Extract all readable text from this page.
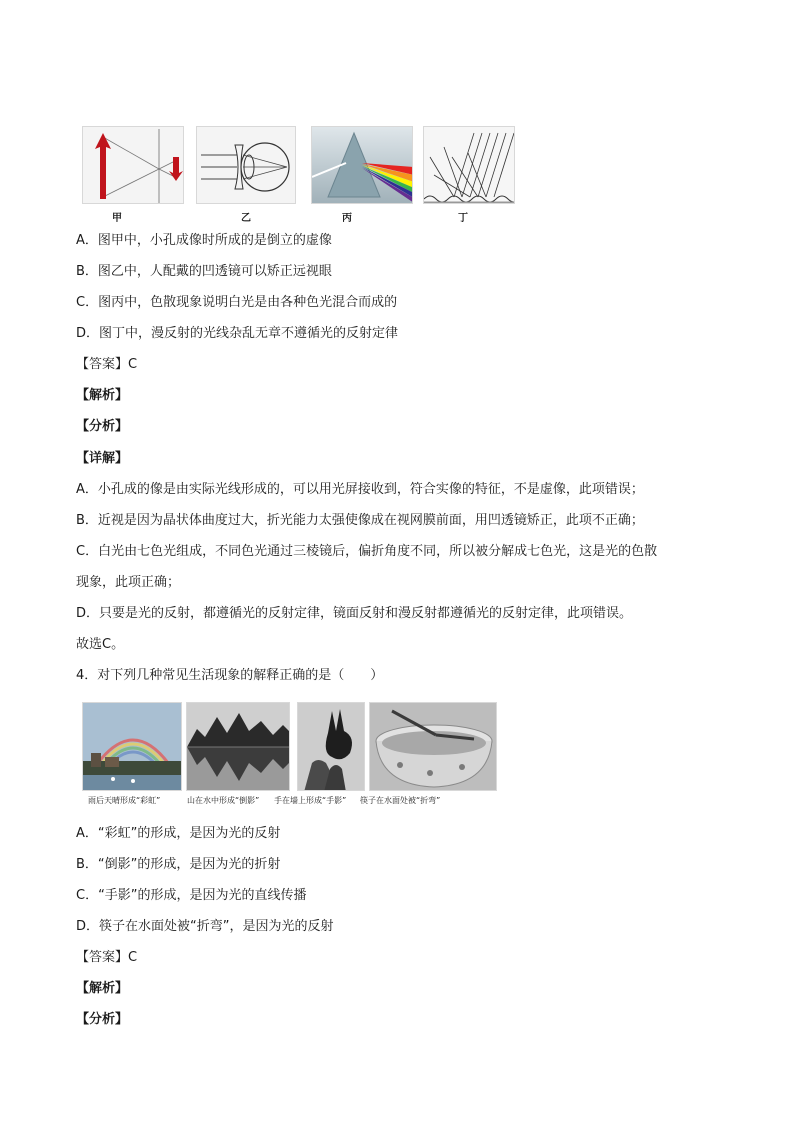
甲	乙	丙	丁
A．图甲中，小孔成像时所成的是倒立的虚像
B．图乙中，人配戴的凹透镜可以矫正远视眼
C．图丙中，色散现象说明白光是由各种色光混合而成的
D．图丁中，漫反射的光线杂乱无章不遵循光的反射定律
【答案】C
【解析】
【分析】
【详解】
A．小孔成的像是由实际光线形成的，可以用光屏接收到，符合实像的特征，不是虚像，此项错误；
B．近视是因为晶状体曲度过大，折光能力太强使像成在视网膜前面，用凹透镜矫正，此项不正确；
C．白光由七色光组成，不同色光通过三棱镜后，偏折角度不同，所以被分解成七色光，这是光的色散
现象，此项正确；
D．只要是光的反射，都遵循光的反射定律，镜面反射和漫反射都遵循光的反射定律，此项错误。
故选C。
4．对下列几种常见生活现象的解释正确的是（　　）
雨后天晴形成“彩虹”	山在水中形成“倒影” 手在墙上形成“手影” 筷子在水面处被“折弯”
A．“彩虹”的形成，是因为光的反射
B．“倒影”的形成，是因为光的折射
C．“手影”的形成，是因为光的直线传播
D．筷子在水面处被“折弯”，是因为光的反射
【答案】C
【解析】
【分析】
